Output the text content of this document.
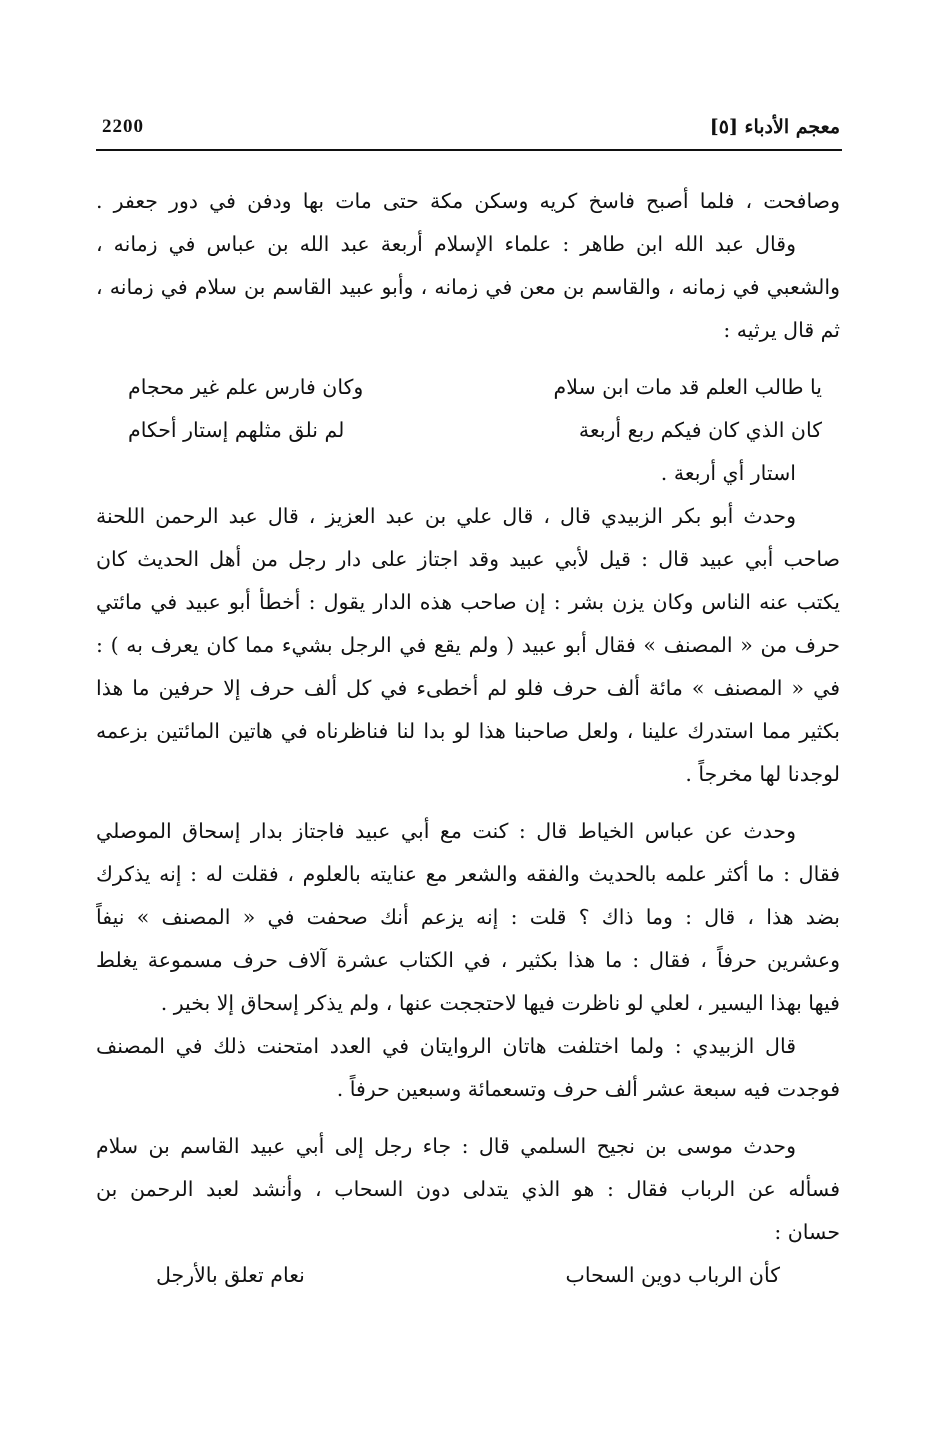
معجم الأدباء [٥]
2200
وصافحت ، فلما أصبح فاسخ كريه وسكن مكة حتى مات بها ودفن في دور جعفر .
وقال عبد الله ابن طاهر : علماء الإسلام أربعة عبد الله بن عباس في زمانه ،
والشعبي في زمانه ، والقاسم بن معن في زمانه ، وأبو عبيد القاسم بن سلام في زمانه ،
ثم قال يرثيه :
يا طالب العلم قد مات ابن سلام
وكان فارس علم غير محجام
كان الذي كان فيكم ربع أربعة
لم نلق مثلهم إستار أحكام
استار أي أربعة .
وحدث أبو بكر الزبيدي قال ، قال علي بن عبد العزيز ، قال عبد الرحمن اللحنة
صاحب أبي عبيد قال : قيل لأبي عبيد وقد اجتاز على دار رجل من أهل الحديث كان
يكتب عنه الناس وكان يزن بشر : إن صاحب هذه الدار يقول : أخطأ أبو عبيد في مائتي
حرف من « المصنف » فقال أبو عبيد ( ولم يقع في الرجل بشيء مما كان يعرف به ) :
في « المصنف » مائة ألف حرف فلو لم أخطىء في كل ألف حرف إلا حرفين ما هذا
بكثير مما استدرك علينا ، ولعل صاحبنا هذا لو بدا لنا فناظرناه في هاتين المائتين بزعمه
لوجدنا لها مخرجاً .
وحدث عن عباس الخياط قال : كنت مع أبي عبيد فاجتاز بدار إسحاق الموصلي
فقال : ما أكثر علمه بالحديث والفقه والشعر مع عنايته بالعلوم ، فقلت له : إنه يذكرك
بضد هذا ، قال : وما ذاك ؟ قلت : إنه يزعم أنك صحفت في « المصنف » نيفاً
وعشرين حرفاً ، فقال : ما هذا بكثير ، في الكتاب عشرة آلاف حرف مسموعة يغلط
فيها بهذا اليسير ، لعلي لو ناظرت فيها لاحتججت عنها ، ولم يذكر إسحاق إلا بخير .
قال الزبيدي : ولما اختلفت هاتان الروايتان في العدد امتحنت ذلك في المصنف
فوجدت فيه سبعة عشر ألف حرف وتسعمائة وسبعين حرفاً .
وحدث موسى بن نجيح السلمي قال : جاء رجل إلى أبي عبيد القاسم بن سلام
فسأله عن الرباب فقال : هو الذي يتدلى دون السحاب ، وأنشد لعبد الرحمن بن
حسان :
كأن الرباب دوين السحاب
نعام تعلق بالأرجل
